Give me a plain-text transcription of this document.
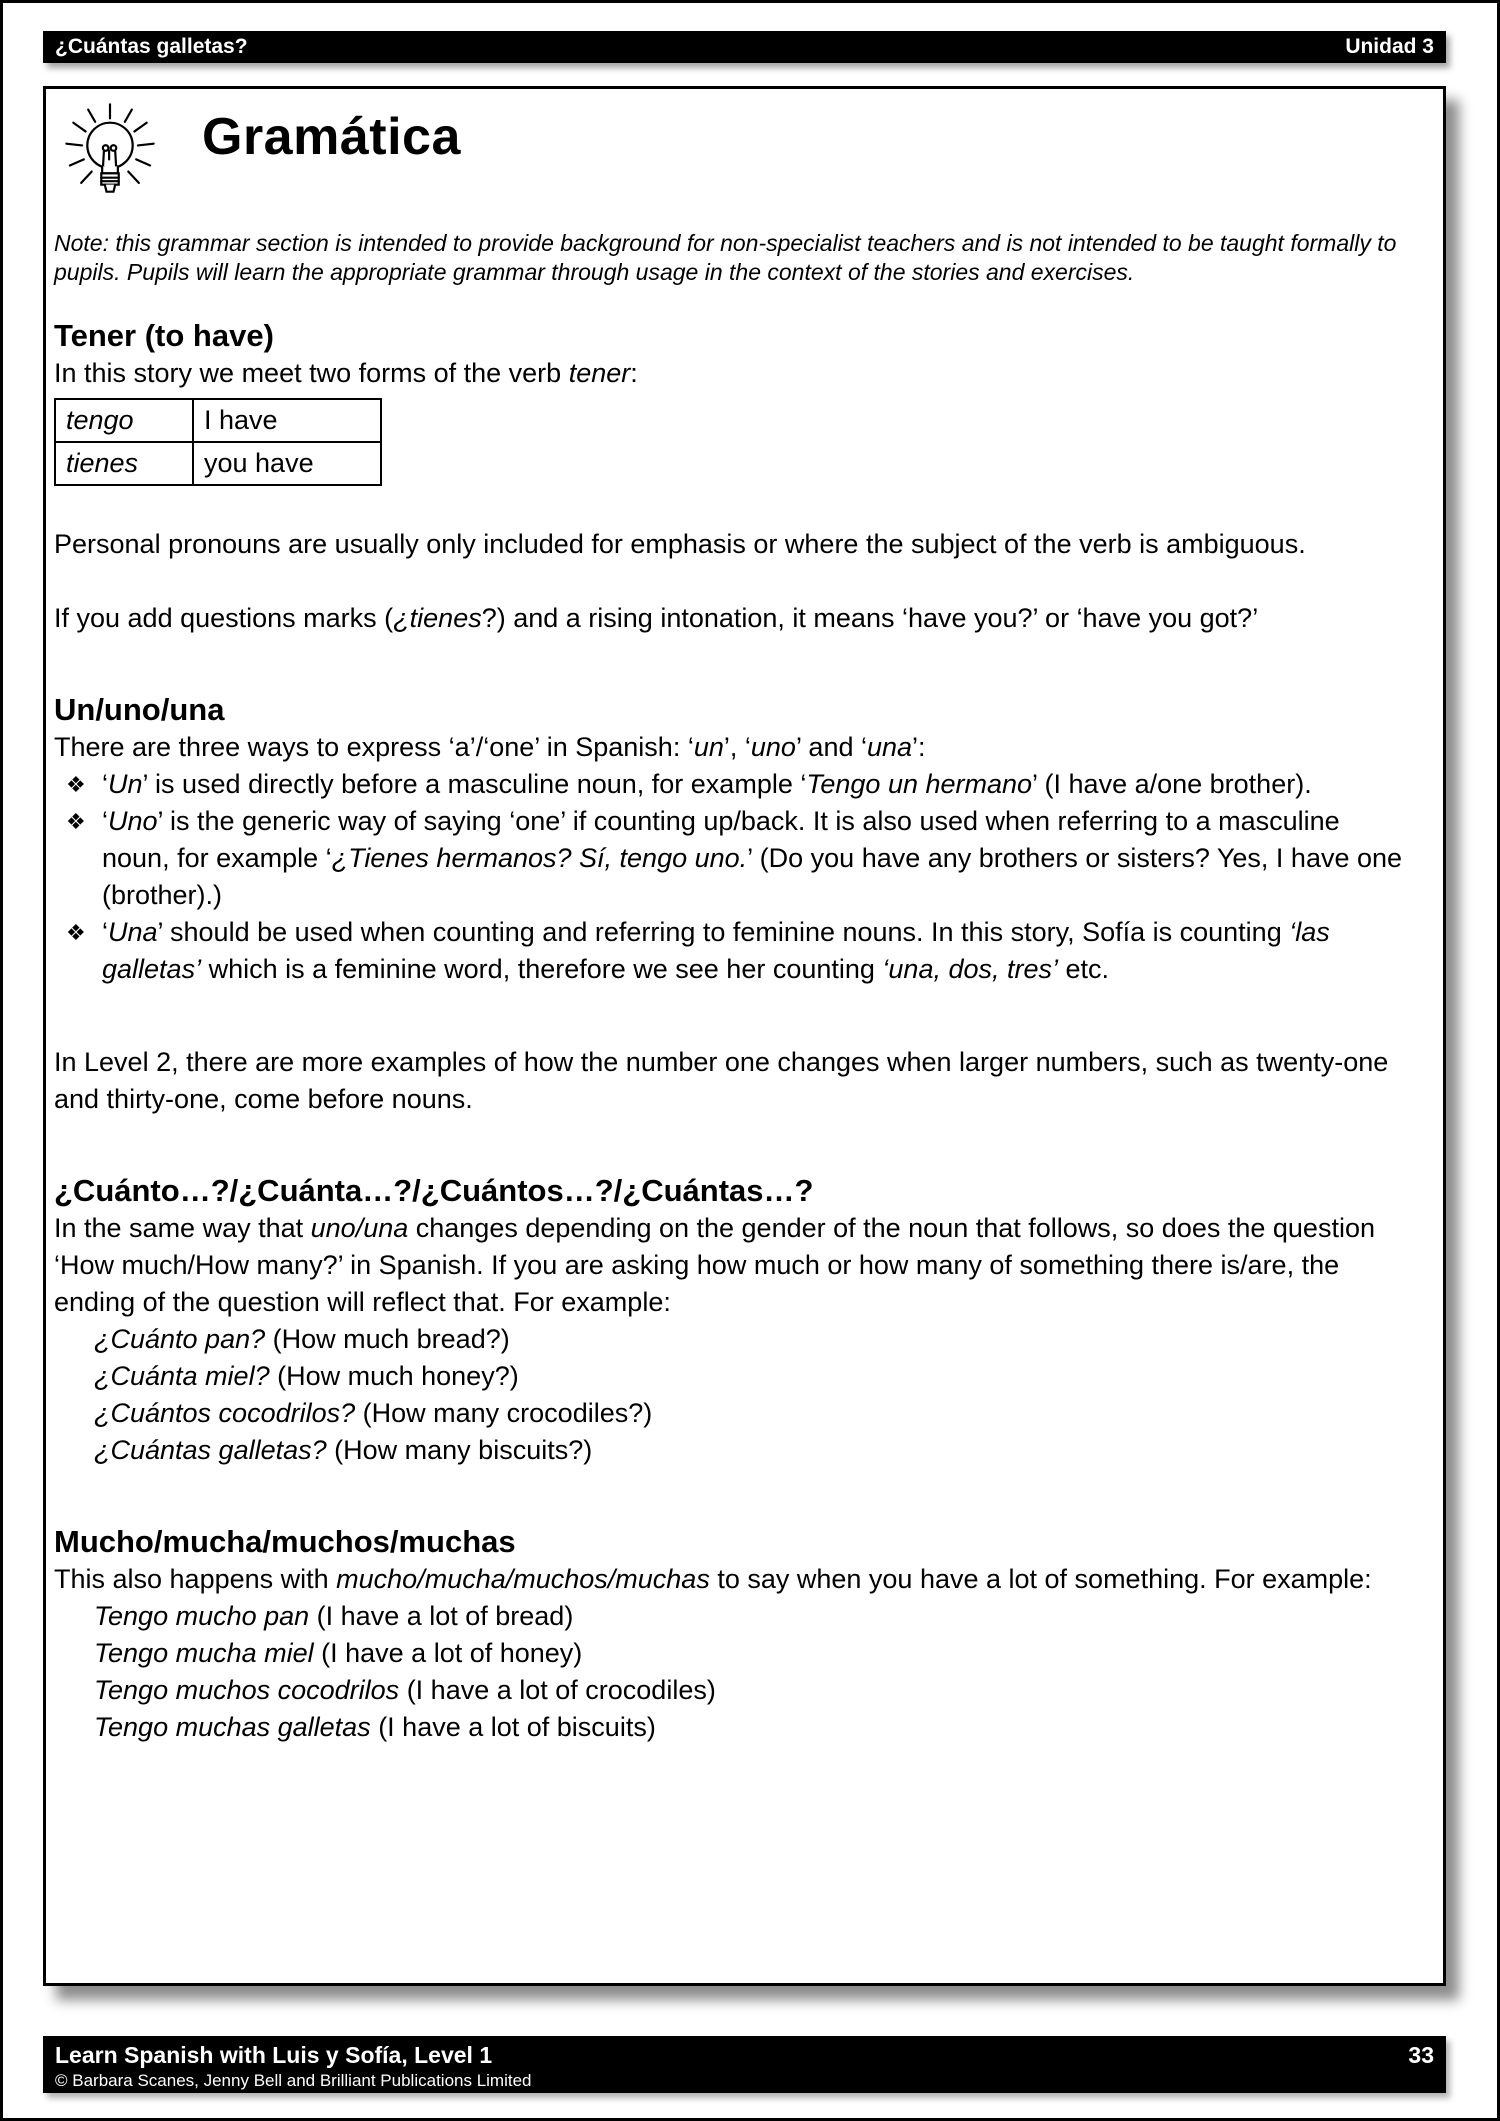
¿Cuántas galletas?	Unidad 3
Gramática
Note: this grammar section is intended to provide background for non-specialist teachers and is not intended to be taught formally to pupils. Pupils will learn the appropriate grammar through usage in the context of the stories and exercises.
Tener (to have)
In this story we meet two forms of the verb tener:
tengo	I have
tienes	you have
Personal pronouns are usually only included for emphasis or where the subject of the verb is ambiguous.
If you add questions marks (¿tienes?) and a rising intonation, it means ‘have you?’ or ‘have you got?’
Un/uno/una
There are three ways to express ‘a’/‘one’ in Spanish: ‘un’, ‘uno’ and ‘una’:
❖ ‘Un’ is used directly before a masculine noun, for example ‘Tengo un hermano’ (I have a/one brother).
❖ ‘Uno’ is the generic way of saying ‘one’ if counting up/back. It is also used when referring to a masculine noun, for example ‘¿Tienes hermanos? Sí, tengo uno.’ (Do you have any brothers or sisters? Yes, I have one (brother).)
❖ ‘Una’ should be used when counting and referring to feminine nouns. In this story, Sofía is counting ‘las galletas’ which is a feminine word, therefore we see her counting ‘una, dos, tres’ etc.
In Level 2, there are more examples of how the number one changes when larger numbers, such as twenty-one and thirty-one, come before nouns.
¿Cuánto…?/¿Cuánta…?/¿Cuántos…?/¿Cuántas…?
In the same way that uno/una changes depending on the gender of the noun that follows, so does the question ‘How much/How many?’ in Spanish. If you are asking how much or how many of something there is/are, the ending of the question will reflect that. For example:
¿Cuánto pan? (How much bread?)
¿Cuánta miel? (How much honey?)
¿Cuántos cocodrilos? (How many crocodiles?)
¿Cuántas galletas? (How many biscuits?)
Mucho/mucha/muchos/muchas
This also happens with mucho/mucha/muchos/muchas to say when you have a lot of something. For example:
Tengo mucho pan (I have a lot of bread)
Tengo mucha miel (I have a lot of honey)
Tengo muchos cocodrilos (I have a lot of crocodiles)
Tengo muchas galletas (I have a lot of biscuits)
Learn Spanish with Luis y Sofía, Level 1	33
© Barbara Scanes, Jenny Bell and Brilliant Publications Limited
